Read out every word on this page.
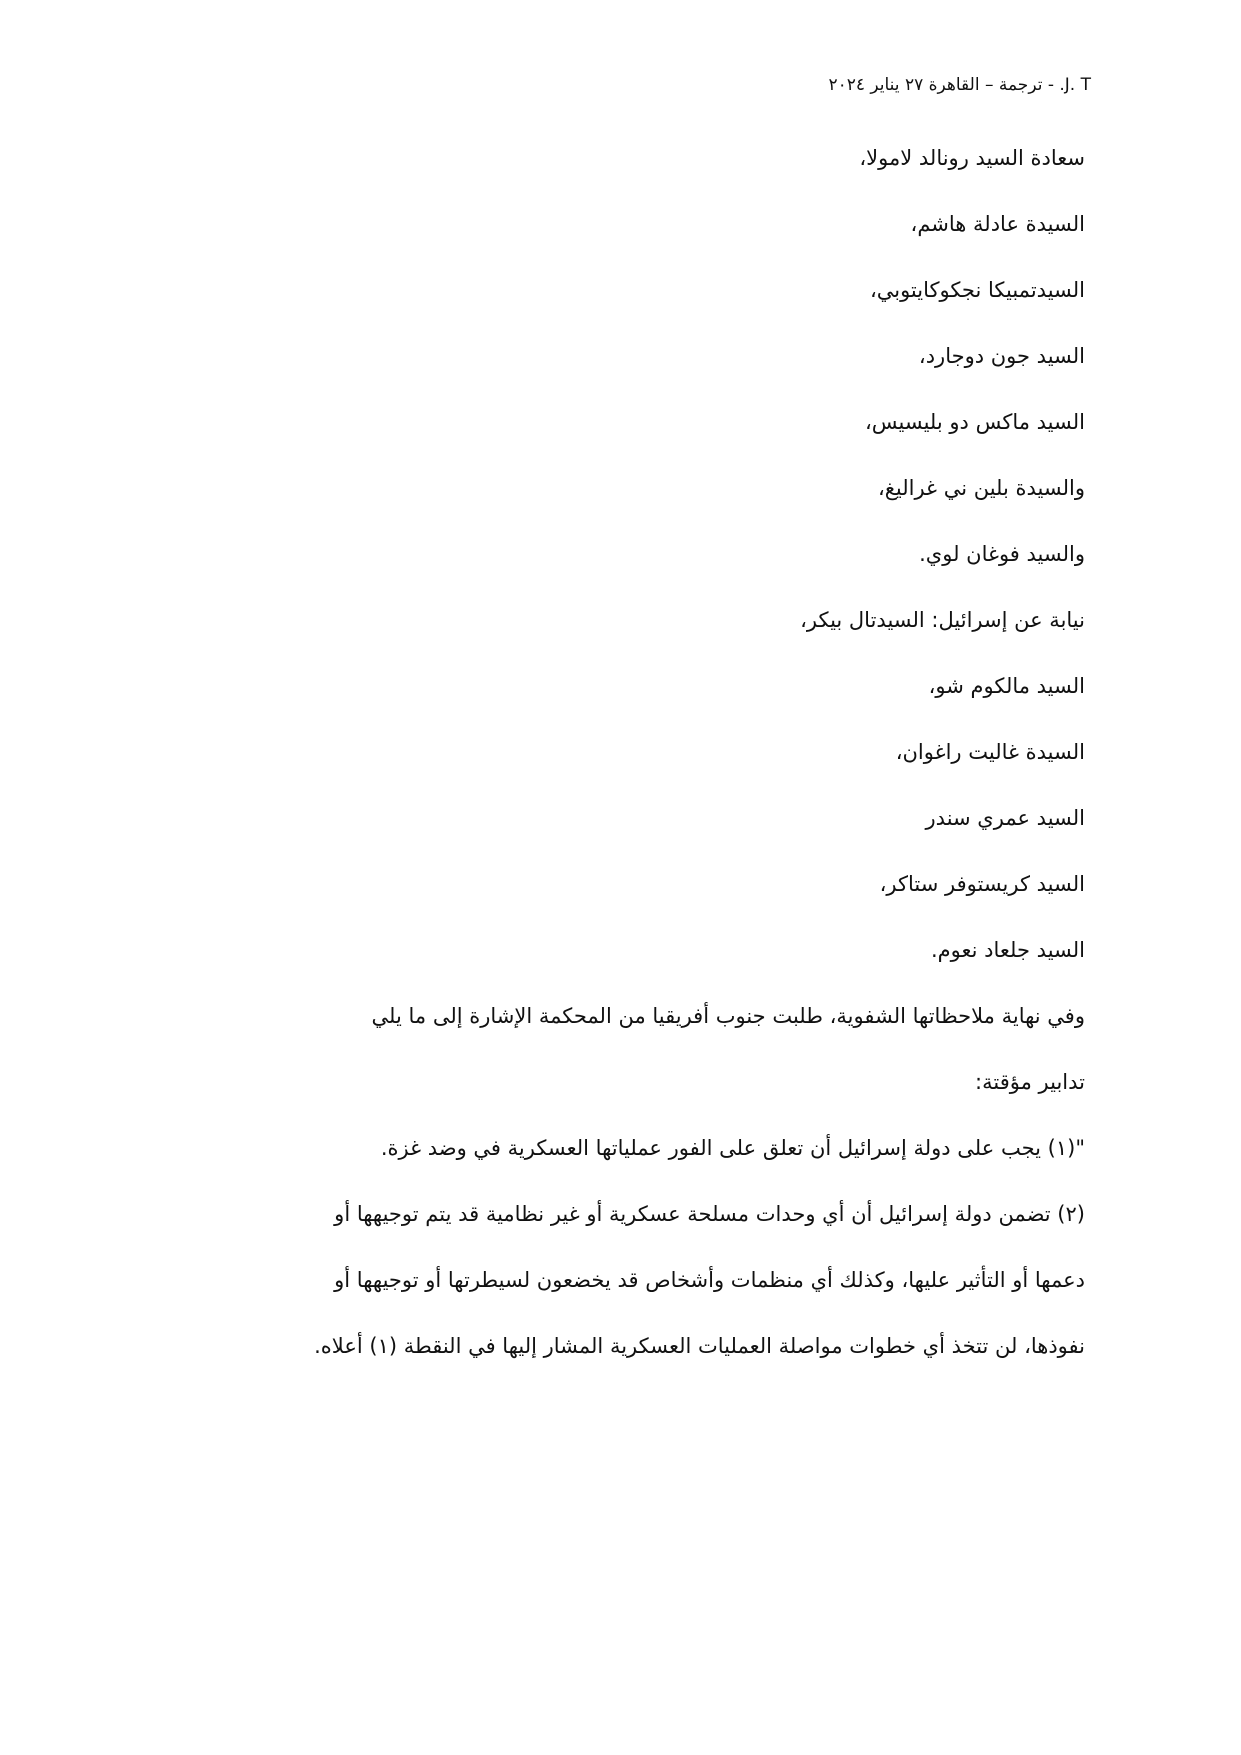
J. T. - ترجمة – القاهرة ٢٧ يناير ٢٠٢٤
سعادة السيد رونالد لامولا،
السيدة عادلة هاشم،
السيدتمبيكا نجكوكايتوبي،
السيد جون دوجارد،
السيد ماكس دو بليسيس،
والسيدة بلين ني غراليغ،
والسيد فوغان لوي.
نيابة عن إسرائيل: السيدتال بيكر،
السيد مالكوم شو،
السيدة غاليت راغوان،
السيد عمري سندر
السيد كريستوفر ستاكر،
السيد جلعاد نعوم.
وفي نهاية ملاحظاتها الشفوية، طلبت جنوب أفريقيا من المحكمة الإشارة إلى ما يلي
تدابير مؤقتة:
"(١) يجب على دولة إسرائيل أن تعلق على الفور عملياتها العسكرية في وضد غزة.
(٢) تضمن دولة إسرائيل أن أي وحدات مسلحة عسكرية أو غير نظامية قد يتم توجيهها أو
دعمها أو التأثير عليها، وكذلك أي منظمات وأشخاص قد يخضعون لسيطرتها أو توجيهها أو
نفوذها، لن تتخذ أي خطوات مواصلة العمليات العسكرية المشار إليها في النقطة (١) أعلاه.
